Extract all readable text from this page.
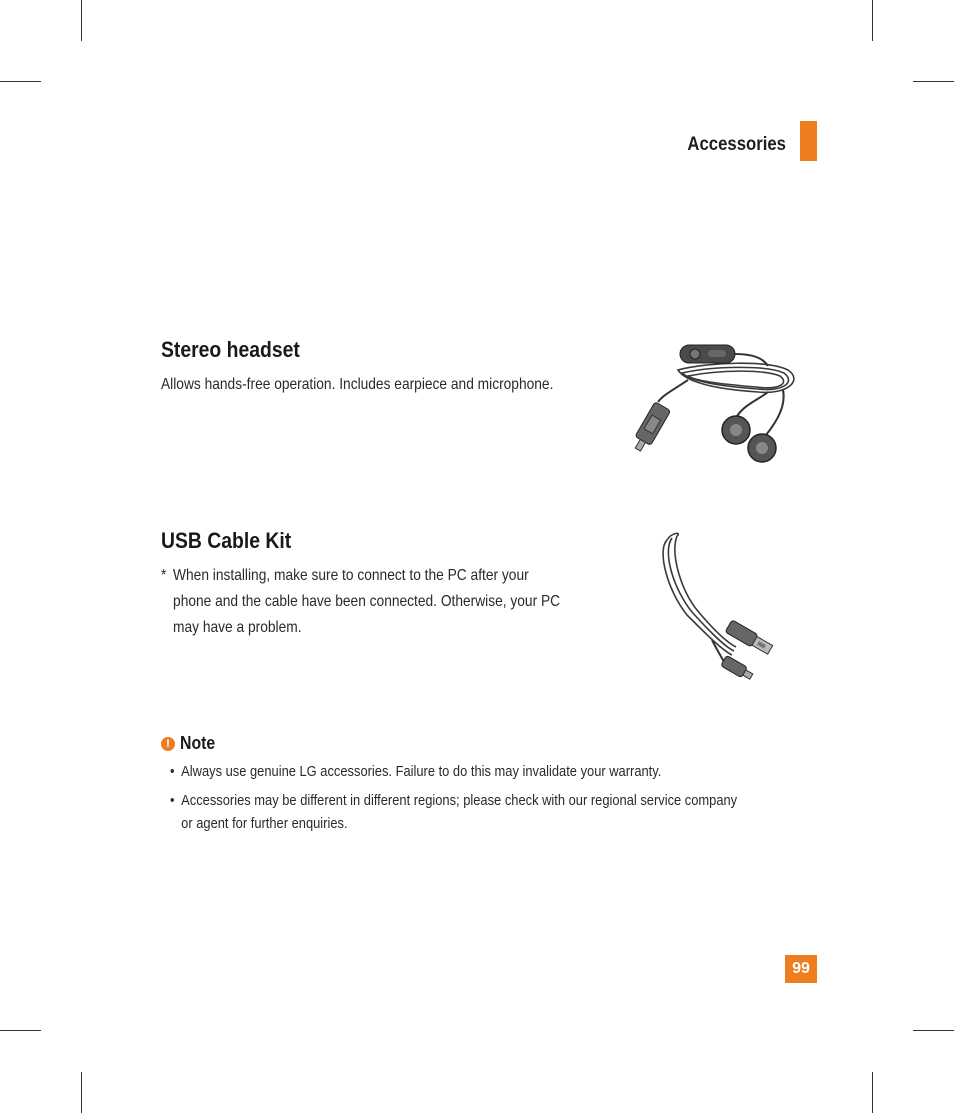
Accessories
Stereo headset
Allows hands-free operation. Includes earpiece and microphone.
USB Cable Kit
* When installing, make sure to connect to the PC after your
phone and the cable have been connected. Otherwise, your PC
may have a problem.
! Note
• Always use genuine LG accessories. Failure to do this may invalidate your warranty.
• Accessories may be different in different regions; please check with our regional service company
or agent for further enquiries.
99
